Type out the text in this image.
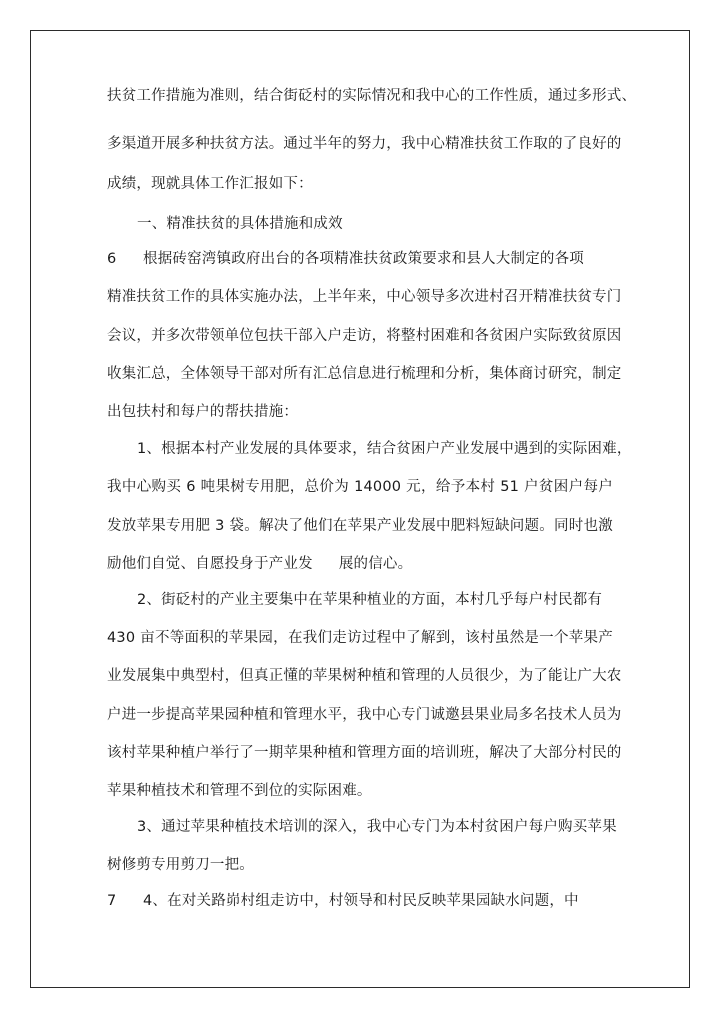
扶贫工作措施为准则，结合街砭村的实际情况和我中心的工作性质，通过多形式、
多渠道开展多种扶贫方法。通过半年的努力，我中心精准扶贫工作取的了良好的
成绩，现就具体工作汇报如下：
一、精准扶贫的具体措施和成效
6 根据砖窑湾镇政府出台的各项精准扶贫政策要求和县人大制定的各项
精准扶贫工作的具体实施办法，上半年来，中心领导多次进村召开精准扶贫专门
会议，并多次带领单位包扶干部入户走访，将整村困难和各贫困户实际致贫原因
收集汇总，全体领导干部对所有汇总信息进行梳理和分析，集体商讨研究，制定
出包扶村和每户的帮扶措施：
1、根据本村产业发展的具体要求，结合贫困户产业发展中遇到的实际困难，
我中心购买 6 吨果树专用肥，总价为 14000 元，给予本村 51 户贫困户每户
发放苹果专用肥 3 袋。解决了他们在苹果产业发展中肥料短缺问题。同时也激
励他们自觉、自愿投身于产业发 展的信心。
2、街砭村的产业主要集中在苹果种植业的方面，本村几乎每户村民都有
430 亩不等面积的苹果园，在我们走访过程中了解到，该村虽然是一个苹果产
业发展集中典型村，但真正懂的苹果树种植和管理的人员很少，为了能让广大农
户进一步提高苹果园种植和管理水平，我中心专门诚邀县果业局多名技术人员为
该村苹果种植户举行了一期苹果种植和管理方面的培训班，解决了大部分村民的
苹果种植技术和管理不到位的实际困难。
3、通过苹果种植技术培训的深入，我中心专门为本村贫困户每户购买苹果
树修剪专用剪刀一把。
7 4、在对关路峁村组走访中，村领导和村民反映苹果园缺水问题，中
